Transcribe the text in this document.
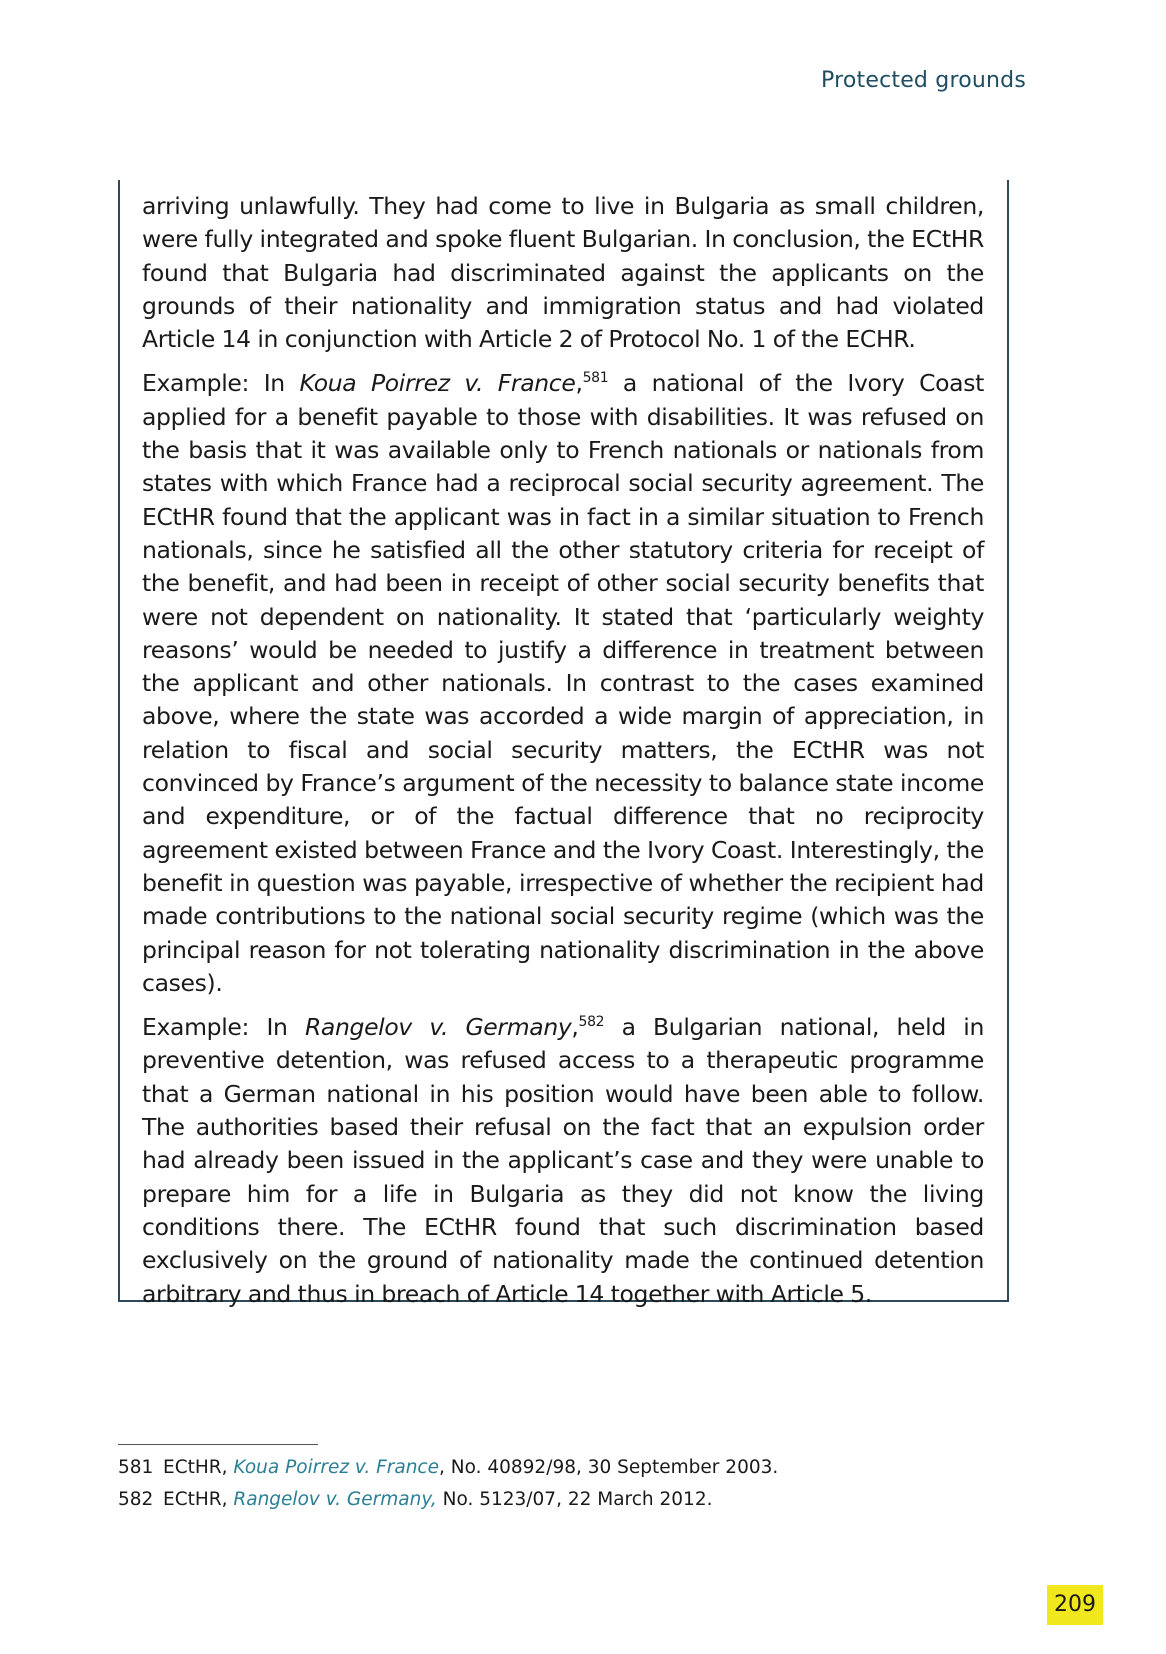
Protected grounds

arriving unlawfully. They had come to live in Bulgaria as small children, were fully integrated and spoke fluent Bulgarian. In conclusion, the ECtHR found that Bulgaria had discriminated against the applicants on the grounds of their nationality and immigration status and had violated Article 14 in conjunction with Article 2 of Protocol No. 1 of the ECHR.

Example: In Koua Poirrez v. France,$^{581}$ a national of the Ivory Coast applied for a benefit payable to those with disabilities. It was refused on the basis that it was available only to French nationals or nationals from states with which France had a reciprocal social security agreement. The ECtHR found that the applicant was in fact in a similar situation to French nationals, since he satisfied all the other statutory criteria for receipt of the benefit, and had been in receipt of other social security benefits that were not dependent on nationality. It stated that ‘particularly weighty reasons’ would be needed to justify a difference in treatment between the applicant and other nationals. In contrast to the cases examined above, where the state was accorded a wide margin of appreciation, in relation to fiscal and social security matters, the ECtHR was not convinced by France’s argument of the necessity to balance state income and expenditure, or of the factual difference that no reciprocity agreement existed between France and the Ivory Coast. Interestingly, the benefit in question was payable, irrespective of whether the recipient had made contributions to the national social security regime (which was the principal reason for not tolerating nationality discrimination in the above cases).

Example: In Rangelov v. Germany,$^{582}$ a Bulgarian national, held in preventive detention, was refused access to a therapeutic programme that a German national in his position would have been able to follow. The authorities based their refusal on the fact that an expulsion order had already been issued in the applicant’s case and they were unable to prepare him for a life in Bulgaria as they did not know the living conditions there. The ECtHR found that such discrimination based exclusively on the ground of nationality made the continued detention arbitrary and thus in breach of Article 14 together with Article 5.

581 ECtHR, Koua Poirrez v. France, No. 40892/98, 30 September 2003.
582 ECtHR, Rangelov v. Germany, No. 5123/07, 22 March 2012.
209
